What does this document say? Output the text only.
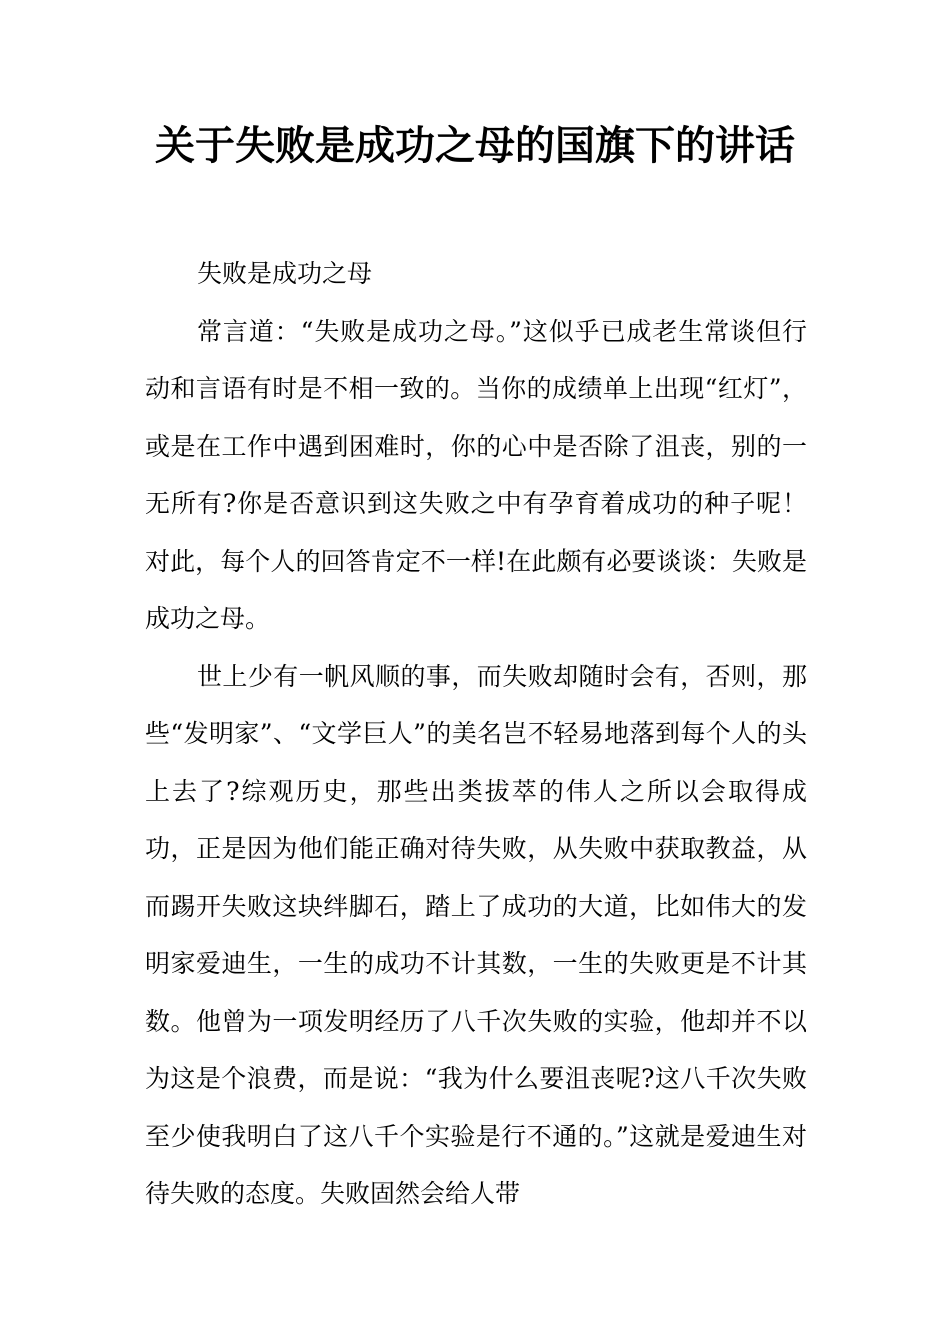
关于失败是成功之母的国旗下的讲话

失败是成功之母

常言道：“失败是成功之母。”这似乎已成老生常谈但行动和言语有时是不相一致的。当你的成绩单上出现“红灯”，或是在工作中遇到困难时，你的心中是否除了沮丧，别的一无所有?你是否意识到这失败之中有孕育着成功的种子呢！对此，每个人的回答肯定不一样!在此颇有必要谈谈：失败是成功之母。

世上少有一帆风顺的事，而失败却随时会有，否则，那些“发明家”、“文学巨人”的美名岂不轻易地落到每个人的头上去了?综观历史，那些出类拔萃的伟人之所以会取得成功，正是因为他们能正确对待失败，从失败中获取教益，从而踢开失败这块绊脚石，踏上了成功的大道，比如伟大的发明家爱迪生，一生的成功不计其数，一生的失败更是不计其数。他曾为一项发明经历了八千次失败的实验，他却并不以为这是个浪费，而是说：“我为什么要沮丧呢?这八千次失败至少使我明白了这八千个实验是行不通的。”这就是爱迪生对待失败的态度。失败固然会给人带
